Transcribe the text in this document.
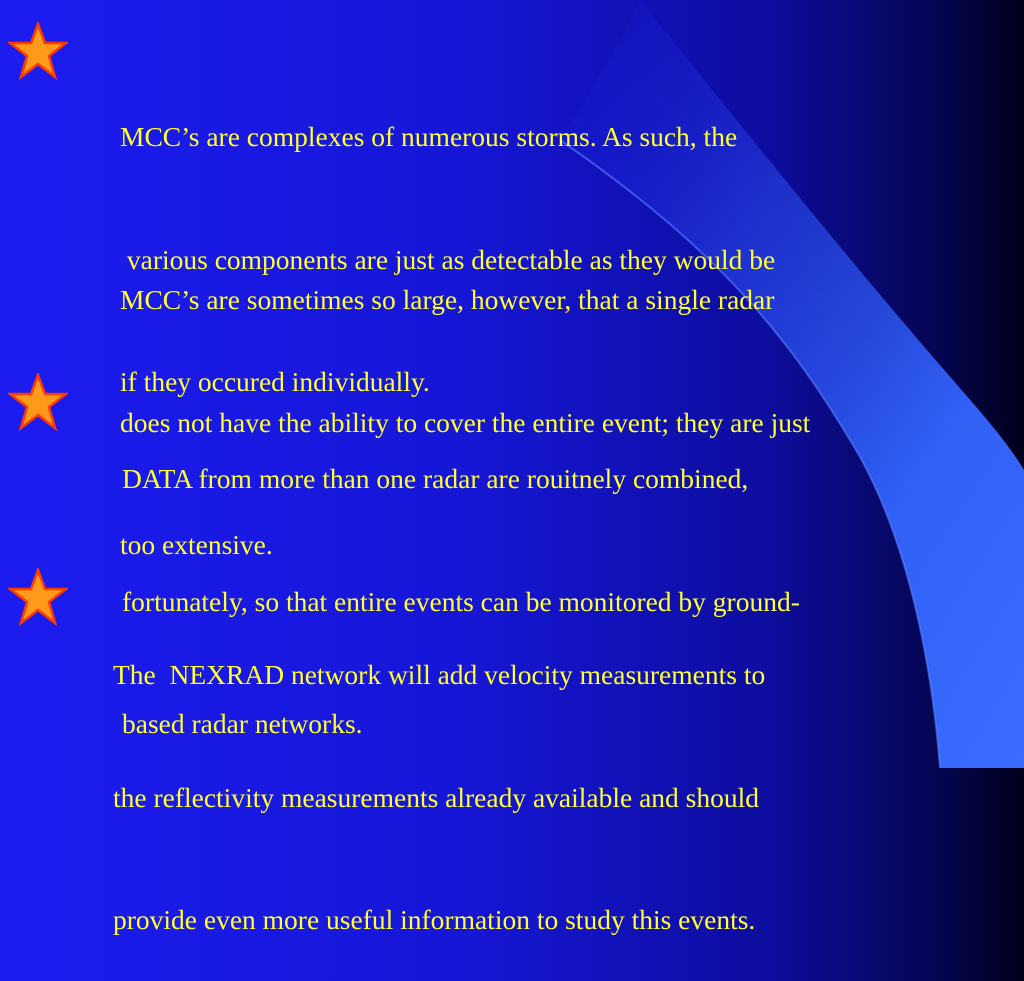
MCC’s are complexes of numerous storms. As such, the

various components are just as detectable as they would be

if they occured individually.

MCC’s are sometimes so large, however, that a single radar

does not have the ability to cover the entire event; they are just

too extensive.

DATA from more than one radar are rouitnely combined,

fortunately, so that entire events can be monitored by ground-

based radar networks.

The  NEXRAD network will add velocity measurements to

the reflectivity measurements already available and should

provide even more useful information to study this events.
